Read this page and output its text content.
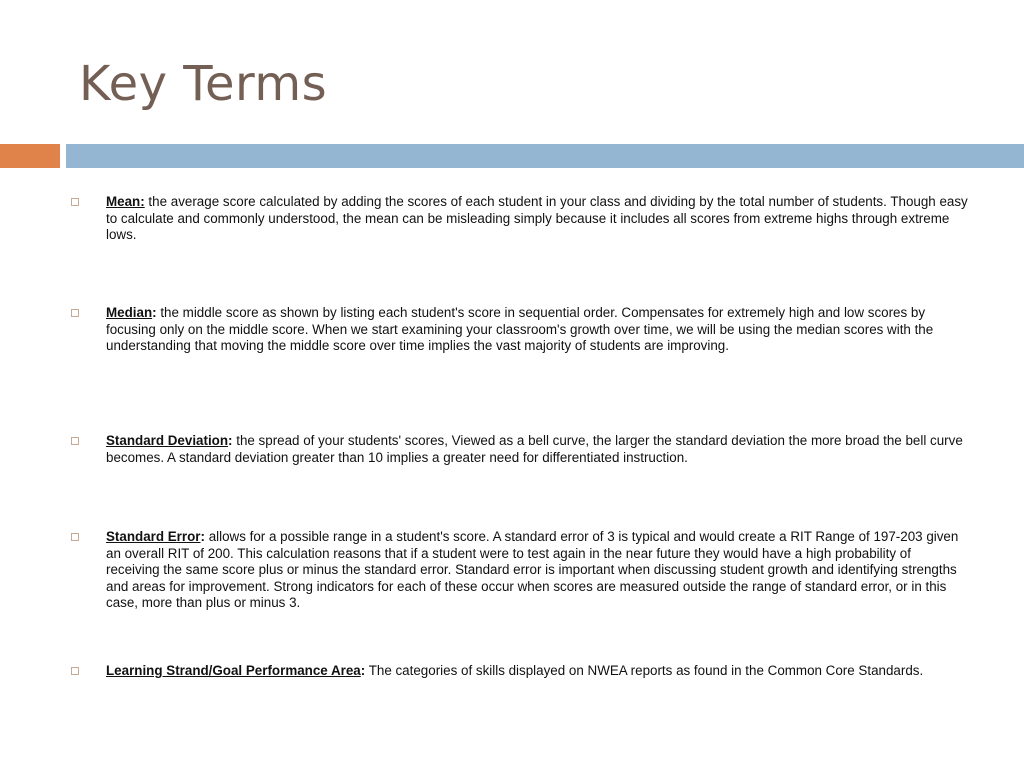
Key Terms
Mean: the average score calculated by adding the scores of each student in your class and dividing by the total number of students. Though easy to calculate and commonly understood, the mean can be misleading simply because it includes all scores from extreme highs through extreme lows.
Median: the middle score as shown by listing each student's score in sequential order. Compensates for extremely high and low scores by focusing only on the middle score. When we start examining your classroom's growth over time, we will be using the median scores with the understanding that moving the middle score over time implies the vast majority of students are improving.
Standard Deviation: the spread of your students' scores, Viewed as a bell curve, the larger the standard deviation the more broad the bell curve becomes. A standard deviation greater than 10 implies a greater need for differentiated instruction.
Standard Error: allows for a possible range in a student's score. A standard error of 3 is typical and would create a RIT Range of 197-203 given an overall RIT of 200. This calculation reasons that if a student were to test again in the near future they would have a high probability of receiving the same score plus or minus the standard error. Standard error is important when discussing student growth and identifying strengths and areas for improvement. Strong indicators for each of these occur when scores are measured outside the range of standard error, or in this case, more than plus or minus 3.
Learning Strand/Goal Performance Area: The categories of skills displayed on NWEA reports as found in the Common Core Standards.
